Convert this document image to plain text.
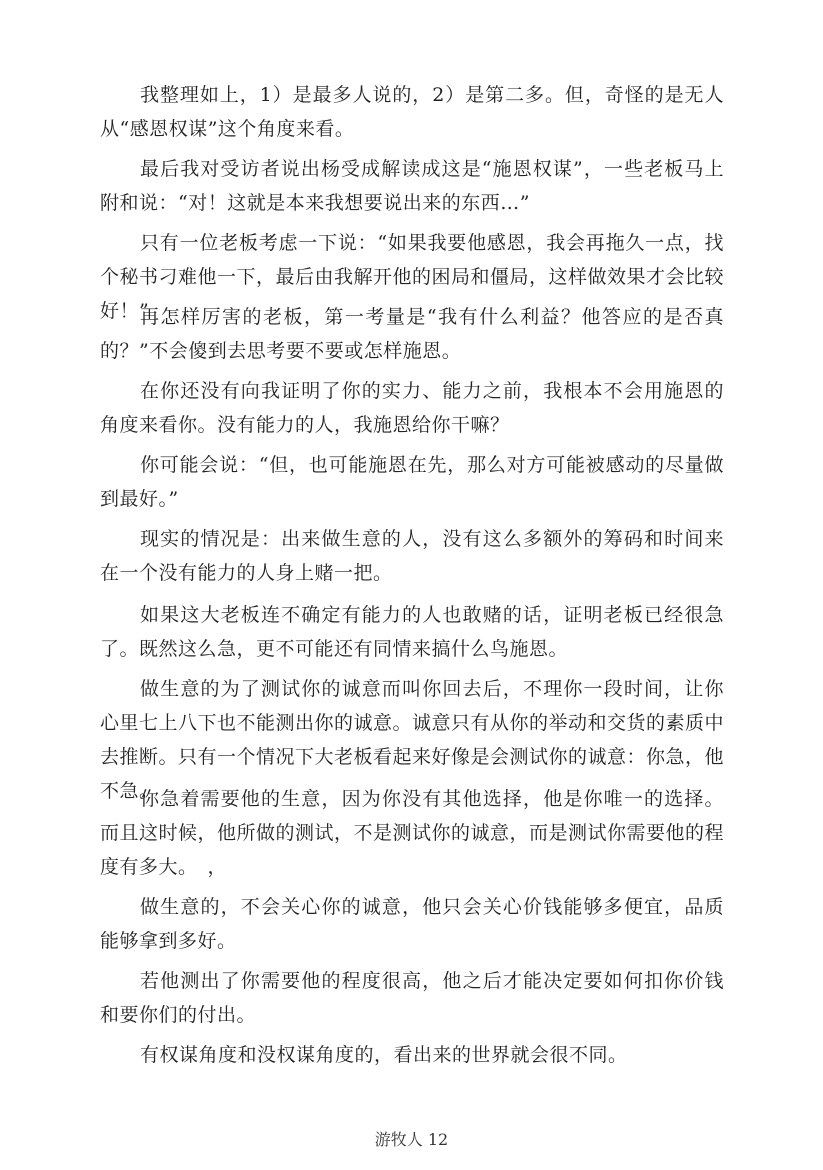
我整理如上，1）是最多人说的，2）是第二多。但，奇怪的是无人从“感恩权谋”这个角度来看。

最后我对受访者说出杨受成解读成这是“施恩权谋”，一些老板马上附和说：“对！这就是本来我想要说出来的东西…”

只有一位老板考虑一下说：“如果我要他感恩，我会再拖久一点，找个秘书刁难他一下，最后由我解开他的困局和僵局，这样做效果才会比较好！”

再怎样厉害的老板，第一考量是“我有什么利益？他答应的是否真的？”不会傻到去思考要不要或怎样施恩。

在你还没有向我证明了你的实力、能力之前，我根本不会用施恩的角度来看你。没有能力的人，我施恩给你干嘛？

你可能会说：“但，也可能施恩在先，那么对方可能被感动的尽量做到最好。”

现实的情况是：出来做生意的人，没有这么多额外的筹码和时间来在一个没有能力的人身上赌一把。

如果这大老板连不确定有能力的人也敢赌的话，证明老板已经很急了。既然这么急，更不可能还有同情来搞什么鸟施恩。

做生意的为了测试你的诚意而叫你回去后，不理你一段时间，让你心里七上八下也不能测出你的诚意。诚意只有从你的举动和交货的素质中去推断。只有一个情况下大老板看起来好像是会测试你的诚意：你急，他不急。

你急着需要他的生意，因为你没有其他选择，他是你唯一的选择。而且这时候，他所做的测试，不是测试你的诚意，而是测试你需要他的程度有多大。　，

做生意的，不会关心你的诚意，他只会关心价钱能够多便宜，品质能够拿到多好。

若他测出了你需要他的程度很高，他之后才能决定要如何扣你价钱和要你们的付出。

有权谋角度和没权谋角度的，看出来的世界就会很不同。

游牧人 12
